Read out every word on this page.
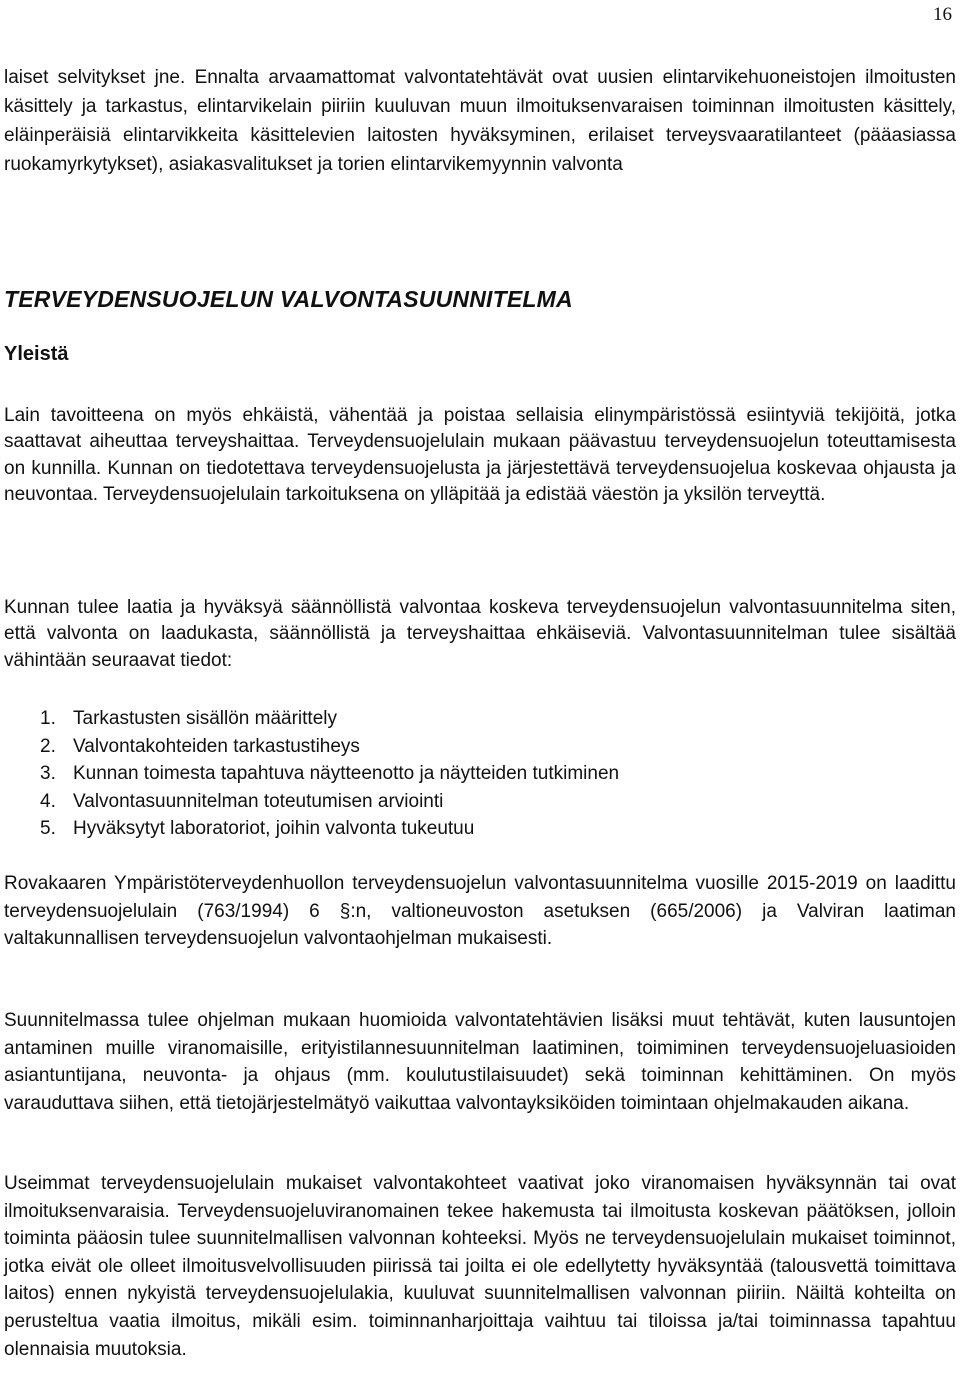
16

laiset selvitykset jne. Ennalta arvaamattomat valvontatehtävät ovat uusien elintarvikehuoneistojen ilmoitusten käsittely ja tarkastus, elintarvikelain piiriin kuuluvan muun ilmoituksenvaraisen toiminnan ilmoitusten käsittely, eläinperäisiä elintarvikkeita käsittelevien laitosten hyväksyminen, erilaiset terveysvaaratilanteet (pääasiassa ruokamyrkytykset), asiakasvalitukset ja torien elintarvikemyynnin valvonta

TERVEYDENSUOJELUN VALVONTASUUNNITELMA
Yleistä

Lain tavoitteena on myös ehkäistä, vähentää ja poistaa sellaisia elinympäristössä esiintyviä tekijöitä, jotka saattavat aiheuttaa terveyshaittaa. Terveydensuojelulain mukaan päävastuu terveydensuojelun toteuttamisesta on kunnilla. Kunnan on tiedotettava terveydensuojelusta ja järjestettävä terveydensuojelua koskevaa ohjausta ja neuvontaa. Terveydensuojelulain tarkoituksena on ylläpitää ja edistää väestön ja yksilön terveyttä.

Kunnan tulee laatia ja hyväksyä säännöllistä valvontaa koskeva terveydensuojelun valvontasuunnitelma siten, että valvonta on laadukasta, säännöllistä ja terveyshaittaa ehkäiseviä. Valvontasuunnitelman tulee sisältää vähintään seuraavat tiedot:

1. Tarkastusten sisällön määrittely
2. Valvontakohteiden tarkastustiheys
3. Kunnan toimesta tapahtuva näytteenotto ja näytteiden tutkiminen
4. Valvontasuunnitelman toteutumisen arviointi
5. Hyväksytyt laboratoriot, joihin valvonta tukeutuu

Rovakaaren Ympäristöterveydenhuollon terveydensuojelun valvontasuunnitelma vuosille 2015-2019 on laadittu terveydensuojelulain (763/1994) 6 §:n, valtioneuvoston asetuksen (665/2006) ja Valviran laatiman valtakunnallisen terveydensuojelun valvontaohjelman mukaisesti.

Suunnitelmassa tulee ohjelman mukaan huomioida valvontatehtävien lisäksi muut tehtävät, kuten lausuntojen antaminen muille viranomaisille, erityistilannesuunnitelman laatiminen, toimiminen terveydensuojeluasioiden asiantuntijana, neuvonta- ja ohjaus (mm. koulutustilaisuudet) sekä toiminnan kehittäminen. On myös varauduttava siihen, että tietojärjestelmätyö vaikuttaa valvontayksiköiden toimintaan ohjelmakauden aikana.

Useimmat terveydensuojelulain mukaiset valvontakohteet vaativat joko viranomaisen hyväksynnän tai ovat ilmoituksenvaraisia. Terveydensuojeluviranomainen tekee hakemusta tai ilmoitusta koskevan päätöksen, jolloin toiminta pääosin tulee suunnitelmallisen valvonnan kohteeksi. Myös ne terveydensuojelulain mukaiset toiminnot, jotka eivät ole olleet ilmoitusvelvollisuuden piirissä tai joilta ei ole edellytetty hyväksyntää (talousvettä toimittava laitos) ennen nykyistä terveydensuojelulakia, kuuluvat suunnitelmallisen valvonnan piiriin. Näiltä kohteilta on perusteltua vaatia ilmoitus, mikäli esim. toiminnanharjoittaja vaihtuu tai tiloissa ja/tai toiminnassa tapahtuu olennaisia muutoksia.
